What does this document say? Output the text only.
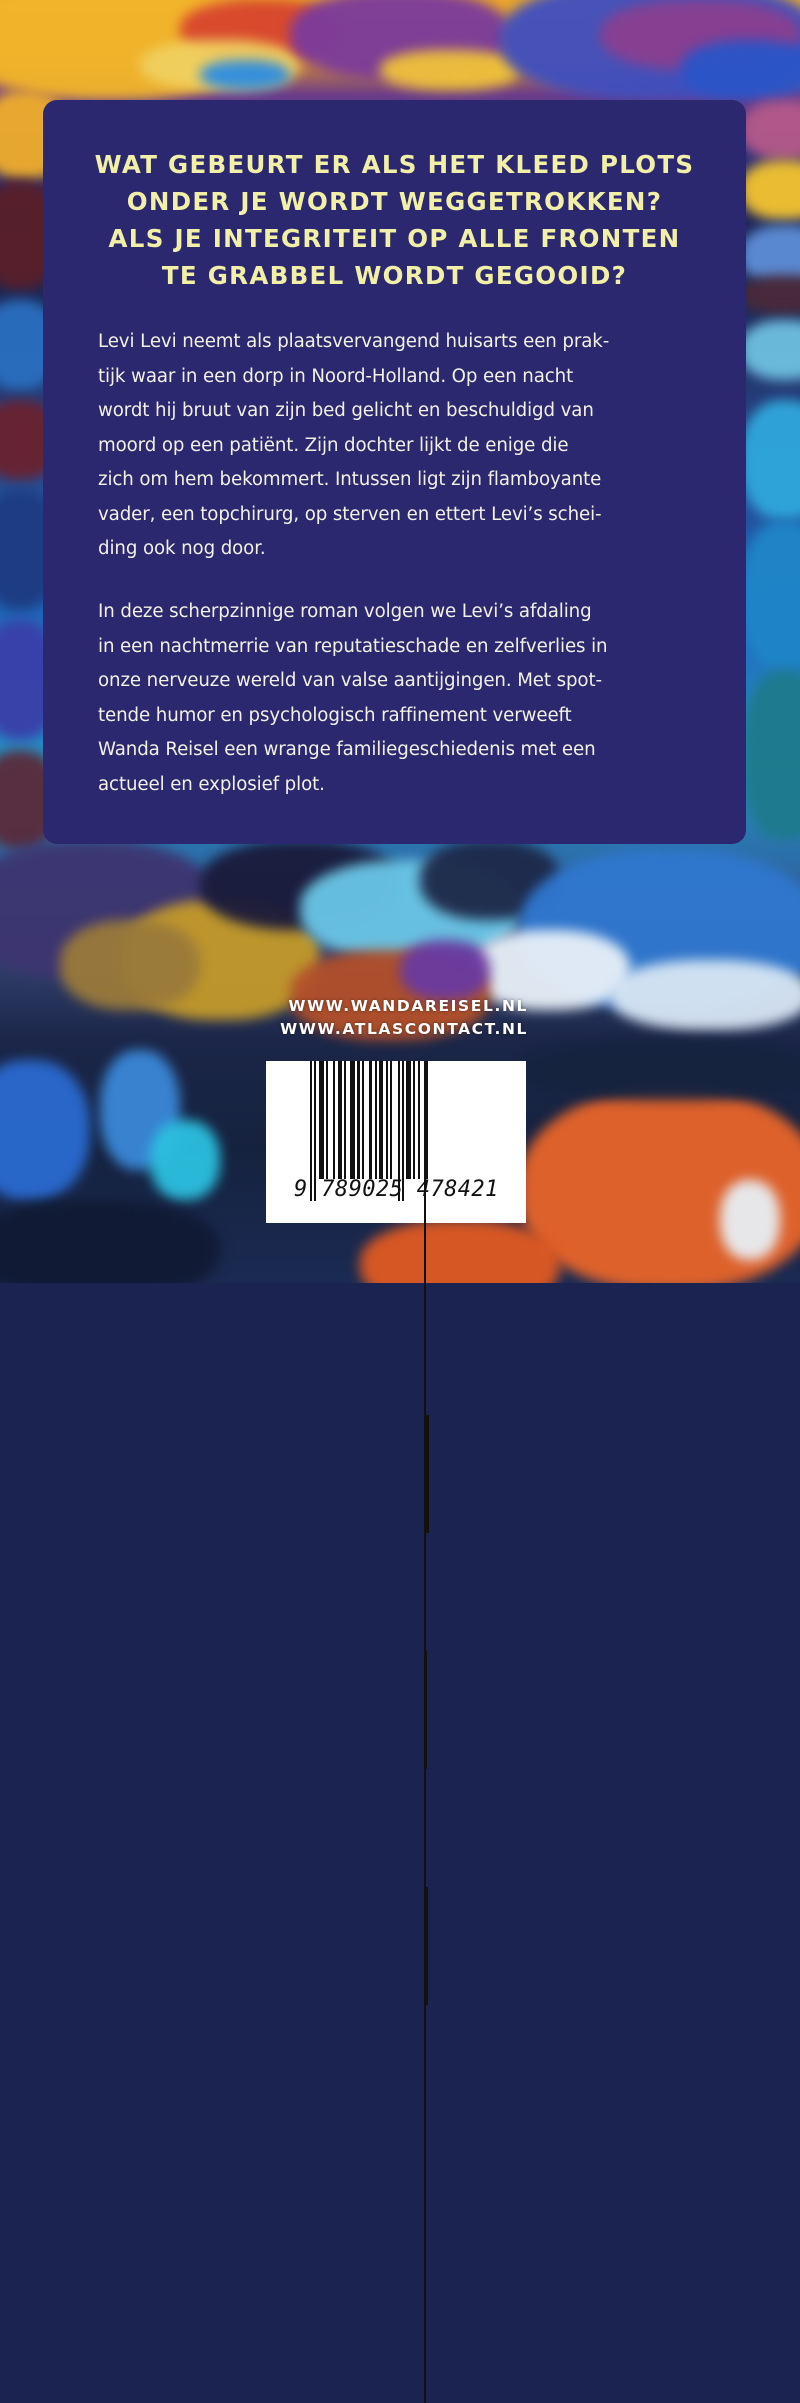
WAT GEBEURT ER ALS HET KLEED PLOTS
ONDER JE WORDT WEGGETROKKEN?
ALS JE INTEGRITEIT OP ALLE FRONTEN
TE GRABBEL WORDT GEGOOID?

Levi Levi neemt als plaatsvervangend huisarts een prak-
tijk waar in een dorp in Noord-Holland. Op een nacht
wordt hij bruut van zijn bed gelicht en beschuldigd van
moord op een patiënt. Zijn dochter lijkt de enige die
zich om hem bekommert. Intussen ligt zijn flamboyante
vader, een topchirurg, op sterven en ettert Levi’s schei-
ding ook nog door.

In deze scherpzinnige roman volgen we Levi’s afdaling
in een nachtmerrie van reputatieschade en zelfverlies in
onze nerveuze wereld van valse aantijgingen. Met spot-
tende humor en psychologisch raffinement verweeft
Wanda Reisel een wrange familiegeschiedenis met een
actueel en explosief plot.

WWW.WANDAREISEL.NL
WWW.ATLASCONTACT.NL
9 789025 478421
